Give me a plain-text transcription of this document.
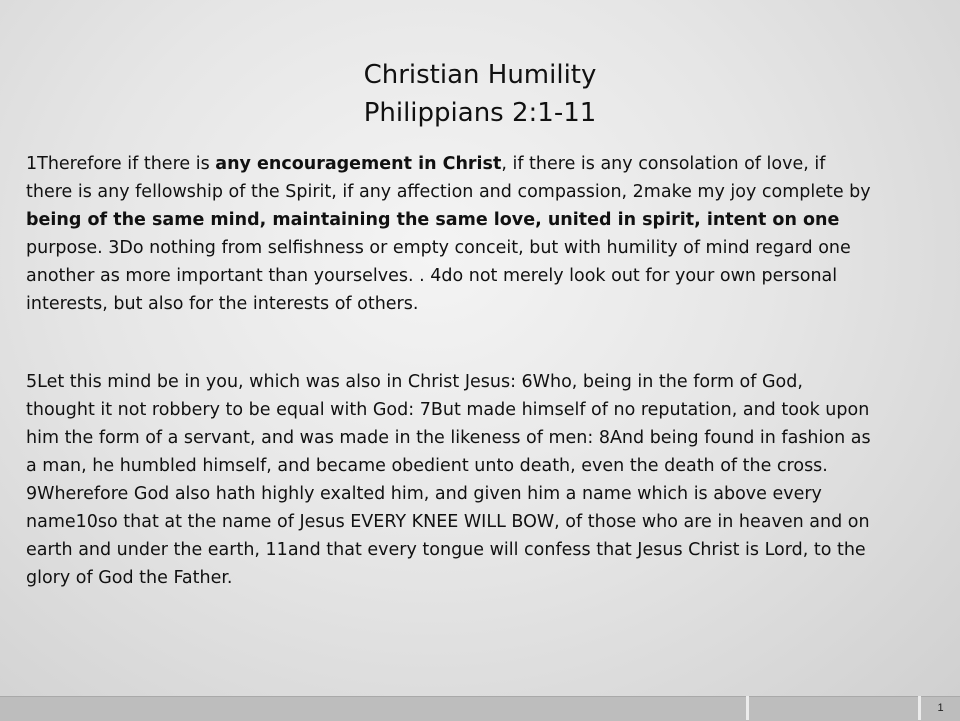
Christian Humility
Philippians 2:1-11
1Therefore if there is any encouragement in Christ, if there is any consolation of love, if there is any fellowship of the Spirit, if any affection and compassion, 2make my joy complete by being of the same mind, maintaining the same love, united in spirit, intent on one purpose. 3Do nothing from selfishness or empty conceit, but with humility of mind regard one another as more important than yourselves. . 4do not merely look out for your own personal interests, but also for the interests of others.
5Let this mind be in you, which was also in Christ Jesus: 6Who, being in the form of God, thought it not robbery to be equal with God: 7But made himself of no reputation, and took upon him the form of a servant, and was made in the likeness of men: 8And being found in fashion as a man, he humbled himself, and became obedient unto death, even the death of the cross. 9Wherefore God also hath highly exalted him, and given him a name which is above every name10so that at the name of Jesus EVERY KNEE WILL BOW, of those who are in heaven and on earth and under the earth, 11and that every tongue will confess that Jesus Christ is Lord, to the glory of God the Father.
1
